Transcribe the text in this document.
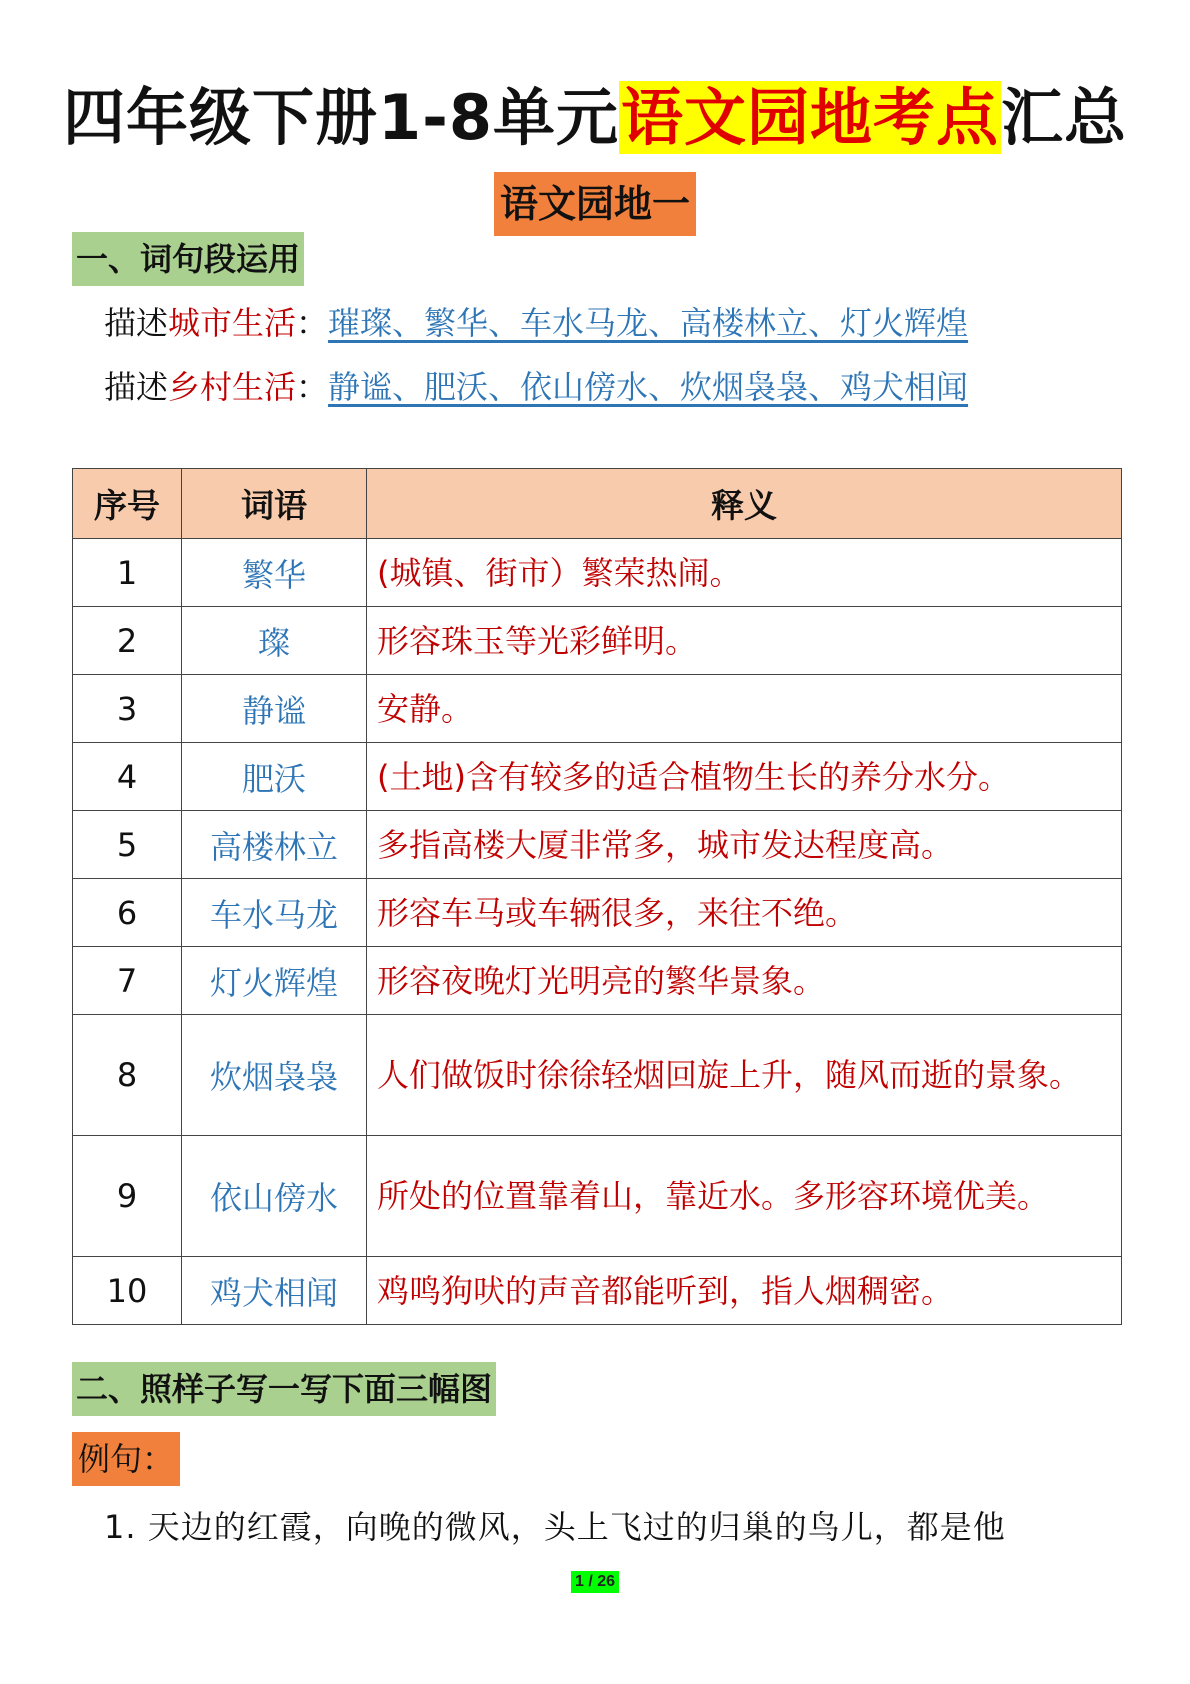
四年级下册1-8单元语文园地考点汇总
语文园地一
一、词句段运用
描述城市生活：璀璨、繁华、车水马龙、高楼林立、灯火辉煌
描述乡村生活：静谧、肥沃、依山傍水、炊烟袅袅、鸡犬相闻
序号	词语	释义
1	繁华	(城镇、街市）繁荣热闹。
2	璨	形容珠玉等光彩鲜明。
3	静谧	安静。
4	肥沃	(土地)含有较多的适合植物生长的养分水分。
5	高楼林立	多指高楼大厦非常多，城市发达程度高。
6	车水马龙	形容车马或车辆很多，来往不绝。
7	灯火辉煌	形容夜晚灯光明亮的繁华景象。
8	炊烟袅袅	人们做饭时徐徐轻烟回旋上升，随风而逝的景象。
9	依山傍水	所处的位置靠着山，靠近水。多形容环境优美。
10	鸡犬相闻	鸡鸣狗吠的声音都能听到，指人烟稠密。
二、照样子写一写下面三幅图
例句：
1. 天边的红霞，向晚的微风，头上飞过的归巢的鸟儿，都是他
1 / 26
